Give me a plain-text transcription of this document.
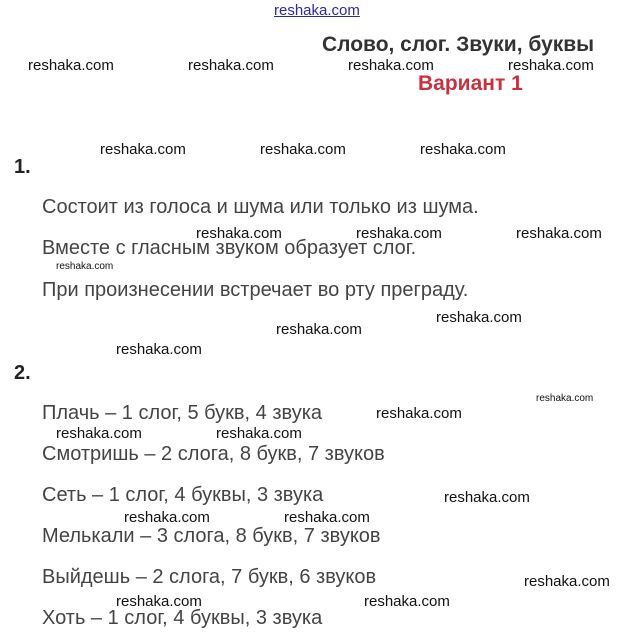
reshaka.com
Слово, слог. Звуки, буквы
Вариант 1
1.
Состоит из голоса и шума или только из шума.
Вместе с гласным звуком образует слог.
При произнесении встречает во рту преграду.
2.
Плачь – 1 слог, 5 букв, 4 звука
Смотришь – 2 слога, 8 букв, 7 звуков
Сеть – 1 слог, 4 буквы, 3 звука
Мелькали – 3 слога, 8 букв, 7 звуков
Выйдешь – 2 слога, 7 букв, 6 звуков
Хоть – 1 слог, 4 буквы, 3 звука
reshaka.com	reshaka.com	reshaka.com	reshaka.com
reshaka.com	reshaka.com	reshaka.com
reshaka.com	reshaka.com	reshaka.com
reshaka.com
reshaka.com
reshaka.com
reshaka.com
reshaka.com
reshaka.com
reshaka.com	reshaka.com
reshaka.com
reshaka.com	reshaka.com
reshaka.com
reshaka.com	reshaka.com
